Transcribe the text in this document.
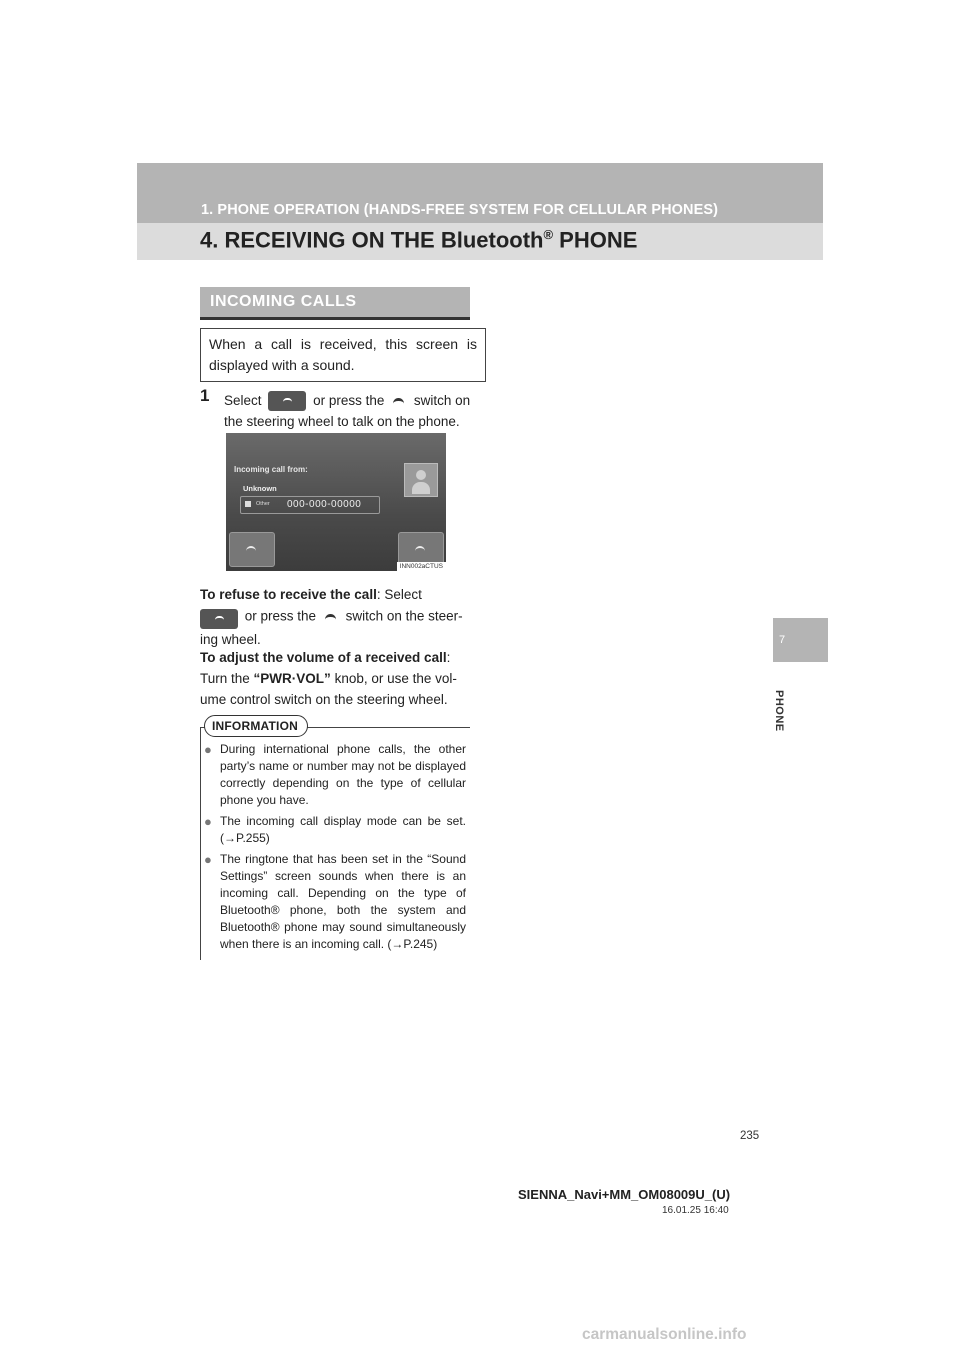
1. PHONE OPERATION (HANDS-FREE SYSTEM FOR CELLULAR PHONES)
4. RECEIVING ON THE Bluetooth® PHONE
7
PHONE
INCOMING CALLS
When a call is received, this screen is displayed with a sound.
1 Select	or press the switch on the steering wheel to talk on the phone.
Incoming call from:
Unknown
Other 000-000-00000
INN002aCTUS
To refuse to receive the call: Select
or press the switch on the steer-ing wheel.
To adjust the volume of a received call: Turn the “PWR·VOL” knob, or use the vol-ume control switch on the steering wheel.
INFORMATION
● During international phone calls, the other party’s name or number may not be displayed correctly depending on the type of cellular phone you have.
● The incoming call display mode can be set. (→P.255)
● The ringtone that has been set in the “Sound Settings” screen sounds when there is an incoming call. Depending on the type of Bluetooth® phone, both the system and Bluetooth® phone may sound simultaneously when there is an incoming call. (→P.245)
235
SIENNA_Navi+MM_OM08009U_(U)
16.01.25 16:40
carmanualsonline.info
